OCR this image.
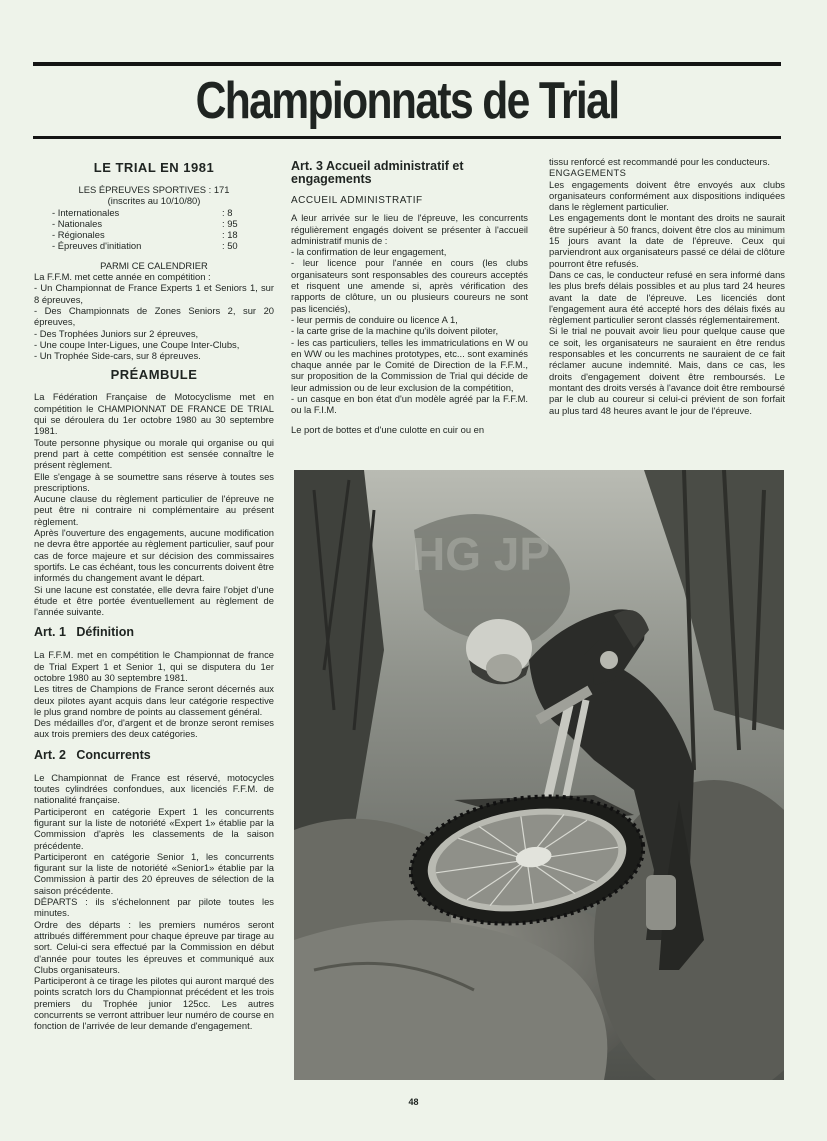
Championnats de Trial
LE TRIAL EN 1981
LES ÉPREUVES SPORTIVES : 171
(inscrites au 10/10/80)
- Internationales	: 8
- Nationales	: 95
- Régionales	: 18
- Épreuves d'initiation	: 50
PARMI CE CALENDRIER

La F.F.M. met cette année en compétition :

- Un Championnat de France Experts 1 et Seniors 1, sur 8 épreuves,

- Des Championnats de Zones Seniors 2, sur 20 épreuves,

- Des Trophées Juniors sur 2 épreuves,

- Une coupe Inter-Ligues, une Coupe Inter-Clubs,

- Un Trophée Side-cars, sur 8 épreuves.

PRÉAMBULE

La Fédération Française de Motocyclisme met en compétition le CHAMPIONNAT DE FRANCE DE TRIAL qui se déroulera du 1er octobre 1980 au 30 septembre 1981.

Toute personne physique ou morale qui organise ou qui prend part à cette compétition est sensée connaître le présent règlement.

Elle s'engage à se soumettre sans réserve à toutes ses prescriptions.

Aucune clause du règlement particulier de l'épreuve ne peut être ni contraire ni complémentaire au présent règlement.

Après l'ouverture des engagements, aucune modification ne devra être apportée au règlement particulier, sauf pour cas de force majeure et sur décision des commissaires sportifs. Le cas échéant, tous les concurrents doivent être informés du changement avant le départ.

Si une lacune est constatée, elle devra faire l'objet d'une étude et être portée éventuellement au règlement de l'année suivante.

Art. 1   Définition

La F.F.M. met en compétition le Championnat de france de Trial Expert 1 et Senior 1, qui se disputera du 1er octobre 1980 au 30 septembre 1981.

Les titres de Champions de France seront décernés aux deux pilotes ayant acquis dans leur catégorie respective le plus grand nombre de points au classement général.

Des médailles d'or, d'argent et de bronze seront remises aux trois premiers des deux catégories.

Art. 2   Concurrents

Le Championnat de France est réservé, motocycles toutes cylindrées confondues, aux licenciés F.F.M. de nationalité française.

Participeront en catégorie Expert 1 les concurrents figurant sur la liste de notoriété «Expert 1» établie par la Commission d'après les classements de la saison précédente.

Participeront en catégorie Senior 1, les concurrents figurant sur la liste de notoriété «Senior1» établie par la Commission à partir des 20 épreuves de sélection de la saison précédente.

DÉPARTS : ils s'échelonnent par pilote toutes les minutes.

Ordre des départs : les premiers numéros seront attribués différemment pour chaque épreuve par tirage au sort. Celui-ci sera effectué par la Commission en début d'année pour toutes les épreuves et communiqué aux Clubs organisateurs.

Participeront à ce tirage les pilotes qui auront marqué des points scratch lors du Championnat précédent et les trois premiers du Trophée junior 125cc. Les autres concurrents se verront attribuer leur numéro de course en fonction de l'arrivée de leur demande d'engagement.

Art. 3 Accueil administratif et engagements
ACCUEIL ADMINISTRATIF

A leur arrivée sur le lieu de l'épreuve, les concurrents régulièrement engagés doivent se présenter à l'accueil administratif munis de :

- la confirmation de leur engagement,

- leur licence pour l'année en cours (les clubs organisateurs sont responsables des coureurs acceptés et risquent une amende si, après vérification des rapports de clôture, un ou plusieurs coureurs ne sont pas licenciés),

- leur permis de conduire ou licence A 1,

- la carte grise de la machine qu'ils doivent piloter,

- les cas particuliers, telles les immatriculations en W ou en WW ou les machines prototypes, etc... sont examinés chaque année par le Comité de Direction de la F.F.M., sur proposition de la Commission de Trial qui décide de leur admission ou de leur exclusion de la compétition,

- un casque en bon état d'un modèle agréé par la F.F.M. ou la F.I.M.

Le port de bottes et d'une culotte en cuir ou en

tissu renforcé est recommandé pour les conducteurs.

ENGAGEMENTS

Les engagements doivent être envoyés aux clubs organisateurs conformément aux dispositions indiquées dans le règlement particulier.

Les engagements dont le montant des droits ne saurait être supérieur à 50 francs, doivent être clos au minimum 15 jours avant la date de l'épreuve. Ceux qui parviendront aux organisateurs passé ce délai de clôture pourront être refusés.

Dans ce cas, le conducteur refusé en sera informé dans les plus brefs délais possibles et au plus tard 24 heures avant la date de l'épreuve. Les licenciés dont l'engagement aura été accepté hors des délais fixés au règlement particulier seront classés réglementairement.

Si le trial ne pouvait avoir lieu pour quelque cause que ce soit, les organisateurs ne sauraient en être rendus responsables et les concurrents ne sauraient de ce fait réclamer aucune indemnité. Mais, dans ce cas, les droits d'engagement doivent être remboursés. Le montant des droits versés à l'avance doit être remboursé par le club au coureur si celui-ci prévient de son forfait au plus tard 48 heures avant le jour de l'épreuve.

HG JP
48
